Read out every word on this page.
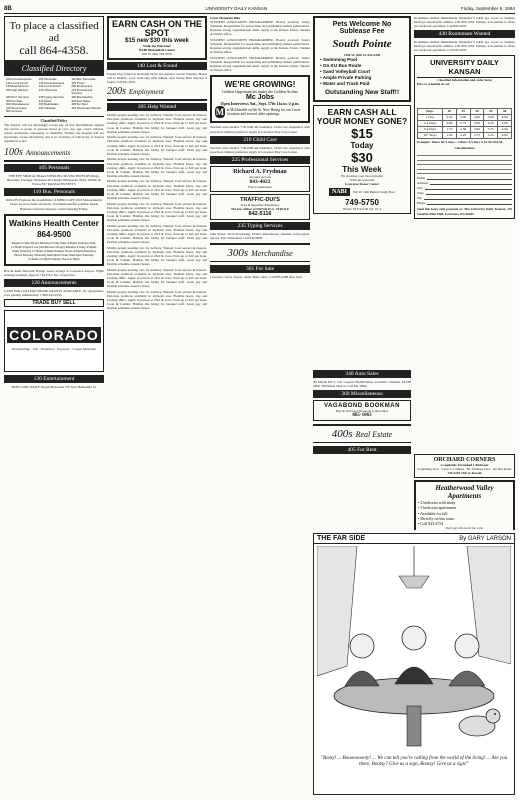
8B	UNIVERSITY DAILY KANSAN	Friday, September 9, 1994
To place a classified ad
call 864-4358.
Classified Directory
100 Announcements	105 Personals	110 Bus. Personals
115 Lost & Found	120 Announcements	125 Travel
130 Entertainment	140 Lost & Found	200 Employment
205 Help Wanted	210 Child Care	215 Professional Services
225 Prof. Services	235 Typing Services	300 Merchandise
305 For Sale	310 Autos	340 Auto Sales
360 Miscellaneous	400 Real Estate	405 For Rent
410 Roommates	420 Sublease	430 Roommate Wanted
500 Services
Classified Policy

The Kansan will not knowingly accept any ad that discriminates against any person or group of persons based on race, sex, age, creed, religion, sexual orientation, nationality or disability. Further, the Kansan will not knowingly accept advertising that is in violation of University of Kansas regulation or law.

100s Announcements
105 Personals
THE EYE SHOP Art Blazes STERLING SILVER JEWELRY Rings, Bracelets, Earrings, Necklaces & Chokers Backpacks, Belts, Wallets & Purses 827 MASSACHUSETTS
110 Bus. Personals
DOLLFS Explores the possibilities of MIND CAFE 1016 Massachusetts Street. In-store items wholesale. Excellent benefits possible. Inside Business Lawrence Kansas. Grand Opening Friday.
Watkins Health Center
864-9500
Regular Clinic Hours Monday-Friday 8am-4:30pm Saturday 9am-11:30am Urgent Care (Additional Charge) Monday-Friday 4:30pm-10pm Saturday 11:30am-4:30pm Sunday Noon-4:30pm Pharmacy Hours Monday-Thursday 8am-8pm Friday 8am-6pm Saturday 9:30am-12:30pm Sunday Noon-4:30pm
Bob & Kelli Discount Flying! Great savings at Lawrence Airport. Flight training available. Open 8-7 M-F 9-5 Sat. Closed Sun.
120 Announcements
CASH FOR COLLEGE 900,000 GRANTS AVAILABLE. No repayments, ever. Qualify immediately. 1-800-243-2435.
TRADE BUY SELL
COLORADO
Breckenridge · Vail · Steamboat · Keystone · Copper Mountain
130 Entertainment
FREE COOL DAILY Dream Bedrooms 720 New Hampshire St.
EARN CASH ON THE SPOT
$15 new $30 this week
Walk-ins Welcome!
NABI Biomedical Center
816 W 24th 749-5750
140 Lost & Found
Found: Dog found on Overland Drive in Lawrence on last Tuesday. Please call to identify. Lost: Gold ring with initials, near Strong Hall. Reward if found. Call 841-2931.
200s Employment
205 Help Wanted

Mobile people needing cars for delivery. Wanted: food servers & bussers. Part-time positions available in Jayhawk area. Flexible hours, day and evening shifts. Apply in person at 23rd & Iowa. Earn up to $10 per hour. Cook & Cashier. Holiday Inn hiring for banquet staff. Great pay and flexible schedule around classes.

Mobile people needing cars for delivery. Wanted: food servers & bussers. Part-time positions available in Jayhawk area. Flexible hours, day and evening shifts. Apply in person at 23rd & Iowa. Earn up to $10 per hour. Cook & Cashier. Holiday Inn hiring for banquet staff. Great pay and flexible schedule around classes.

Mobile people needing cars for delivery. Wanted: food servers & bussers. Part-time positions available in Jayhawk area. Flexible hours, day and evening shifts. Apply in person at 23rd & Iowa. Earn up to $10 per hour. Cook & Cashier. Holiday Inn hiring for banquet staff. Great pay and flexible schedule around classes.

Mobile people needing cars for delivery. Wanted: food servers & bussers. Part-time positions available in Jayhawk area. Flexible hours, day and evening shifts. Apply in person at 23rd & Iowa. Earn up to $10 per hour. Cook & Cashier. Holiday Inn hiring for banquet staff. Great pay and flexible schedule around classes.

Mobile people needing cars for delivery. Wanted: food servers & bussers. Part-time positions available in Jayhawk area. Flexible hours, day and evening shifts. Apply in person at 23rd & Iowa. Earn up to $10 per hour. Cook & Cashier. Holiday Inn hiring for banquet staff. Great pay and flexible schedule around classes.

Mobile people needing cars for delivery. Wanted: food servers & bussers. Part-time positions available in Jayhawk area. Flexible hours, day and evening shifts. Apply in person at 23rd & Iowa. Earn up to $10 per hour. Cook & Cashier. Holiday Inn hiring for banquet staff. Great pay and flexible schedule around classes.

Mobile people needing cars for delivery. Wanted: food servers & bussers. Part-time positions available in Jayhawk area. Flexible hours, day and evening shifts. Apply in person at 23rd & Iowa. Earn up to $10 per hour. Cook & Cashier. Holiday Inn hiring for banquet staff. Great pay and flexible schedule around classes.

Mobile people needing cars for delivery. Wanted: food servers & bussers. Part-time positions available in Jayhawk area. Flexible hours, day and evening shifts. Apply in person at 23rd & Iowa. Earn up to $10 per hour. Cook & Cashier. Holiday Inn hiring for banquet staff. Great pay and flexible schedule around classes.

Mobile people needing cars for delivery. Wanted: food servers & bussers. Part-time positions available in Jayhawk area. Flexible hours, day and evening shifts. Apply in person at 23rd & Iowa. Earn up to $10 per hour. Cook & Cashier. Holiday Inn hiring for banquet staff. Great pay and flexible schedule around classes.

Great Mountain Bike

STUDENT ASSOCIATES PROGRAMMER. Hourly position; Salary Schedule. Responsible for researching and publishing student publications. Requires strong organizational skills. Apply at the Kansas Union, Student Activities office.

STUDENT ASSOCIATES PROGRAMMER. Hourly position; Salary Schedule. Responsible for researching and publishing student publications. Requires strong organizational skills. Apply at the Kansas Union, Student Activities office.

STUDENT ASSOCIATES PROGRAMMER. Hourly position; Salary Schedule. Responsible for researching and publishing student publications. Requires strong organizational skills. Apply at the Kansas Union, Student Activities office.

WE'RE GROWING!
Golden Opportunities under the Golden Arches
Mc Jobs
Open Interviews Sat., Sept. 17th 11a.m.-2 p.m.
M at McDonalds on 6th St. Now Hiring for our 2 new locations and several other openings.
Teachers aide needed. 7:30-9:00 am weekdays. Child care experience with preschool children preferred. Apply at Lawrence Day Care Center.
210 Child Care

Teachers aide needed. 7:30-9:00 am weekdays. Child care experience with preschool children preferred. Apply at Lawrence Day Care Center.

225 Professional Services
Richard A. Frydman
Attorney At Law
843-4023
Free Consultation
TRAFFIC-DUI'S
Trial & Appellate Experience
The law offices of DONALD G. STROLE
842-5116
235 Typing Services
Like Writer, Word Processing, Printer dissertations, resumes, term papers, reports. Fast turnaround. Call 842-0899.
300s Merchandise
305 For Sale
Loveseat, couch, dresser, desks. Beds, table. Call 865-3489 after 5pm.
Pets Welcome No Sublease Fee
South Pointe
2166 W. 26th St. 843-6446
• Swimming Pool
• On KU Bus Route
• Sand Volleyball Court
• Ample Private Parking
• Water and Trash Paid
Outstanding New Staff!!
EARN CASH ALL YOUR MONEY GONE?
$15
Today
$30
This Week
By donating your blood plasma
Walk-ins welcome
Lawrence Donor Center
NABI	816 W. 24th Behind Jandy Boat
749-5750
Hours: M-F 9-6:30 Sat. 10-4
340 Auto Sales
'84 Mazda RX-7, red, 5-speed. 80,000 miles, excellent condition. $3,200 OBO. '88 Honda CRX si. Call 841-5890.
360 Miscellaneous
VAGABOND BOOKMAN
Buy & Sell Used Books & Collectables
865-1063
400s Real Estate
405 For Rent

Roommate needed immediately. Beautiful 3 bdrm apt. Close to campus, $220 per month plus utilities. Call 865-1234. Female, non-smoker to share two bedroom apartment. Call 843-5678.

430 Roommate Wanted
Roommate needed immediately. Beautiful 3 bdrm apt. Close to campus, $220 per month plus utilities. Call 865-1234. Female, non-smoker to share two bedroom apartment. Call 843-5678.
UNIVERSITY DAILY KANSAN
Classified Information and order form
How to schedule an ad:
Days	10	15	20	25	30
1 Day	2.25	3.00	4.00	5.00	6.00
2-4 Days	2.00	2.75	3.50	4.25	5.00
5-9 Days	1.75	2.50	3.00	3.75	4.50
10+ Days	1.50	2.25	2.75	3.25	4.00
Example: Times for 5 days—3 lines: $.5 days X $1.50=$16.50
Classifications
Name
Address
City
State
Zip
Phone
Send this form with payment to: The University Daily Kansan, 119 Stauffer-Flint Hall, Lawrence, KS 66045
THE FAR SIDE	By GARY LARSON
"Booty! ... Booooooooty! ... We can tell you're calling from the world of the living! ... Are you there, Bootsy? Give us a sign, Bootsy! Give us a sign!"
ORCHARD CORNERS
Completely Furnished 1 Bedroom
Swimming Pool · Close to Campus · No Sublease Fees · On Bus Route
749-4226 15th & Kasold
Heatherwood Valley Apartments
• 2 bedroom with study
• 3 bedroom apartments
• Available for fall
• Directly on bus route
• Call 843-4754
Don't get left out in the cold.
